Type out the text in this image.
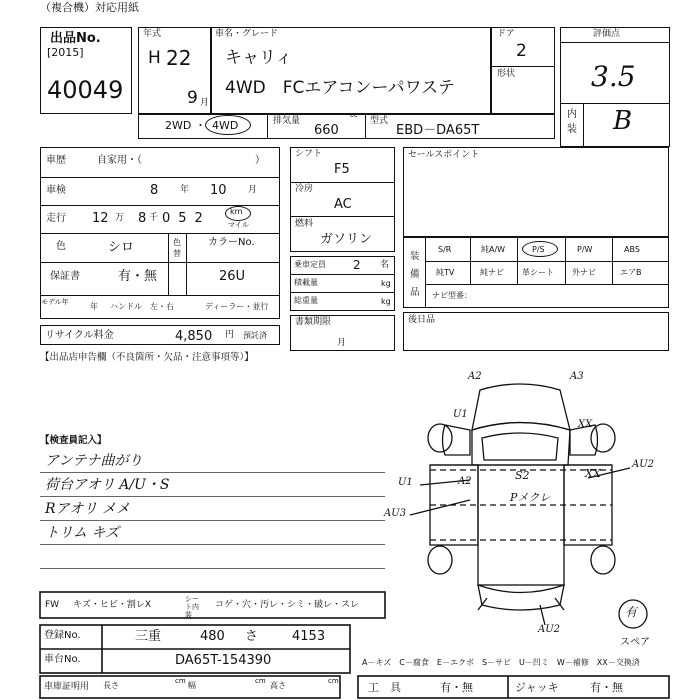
（複合機）対応用紙
出品No.
[2015]
40049
年式
H 22
9 月
車名・グレード
キャリィ
4WD　FCエアコンーパワステ
ドア
2
形状
評価点
3.5
内装 B
2WD ・ 4WD	排気量
cc
660
型式
EBD－DA65T
車歴	自家用・（	）
車検	8 年 10 月
走行 12 万 8 千 052 km
マイル
色	シロ	色替
カラーNo.
26U
保証書	有・無
モデル年	年 ハンドル 左・右	ディーラー・並行
リサイクル料金	4,850 円 預託済
【出品店申告欄（不良箇所・欠品・注意事項等）】
シフト
F5
冷房
AC
燃料
ガソリン
乗車定員 2 名
積載量	kg
総重量	kg
書類期限
月
セールスポイント
装備品
S/R	純A/W	P/S	P/W	ABS
純TV	純ナビ 革シート 外ナビ	エアB
ナビ型番：
後日品
【検査員記入】
アンテナ曲がり
荷台アオリ A/U・S
Rアオリ メメ
トリム キズ
A2	A3
U1
XX
U1	A2
AU3
S2
Pメクレ
XX
AU2
AU2
有
スペア
FW キズ・ヒビ・割レX
シート内装
コゲ・穴・汚レ・シミ・破レ・スレ
登録No.	三重	480 さ	4153
車台No.	DA65T-154390	A－キズ　C－腐食　E－エクボ　S－サビ　U－凹ミ　W－補修　XX－交換済
車庫証明用 長さ	cm 幅	cm 高さ	cm	工　具	有・無	ジャッキ	有・無
